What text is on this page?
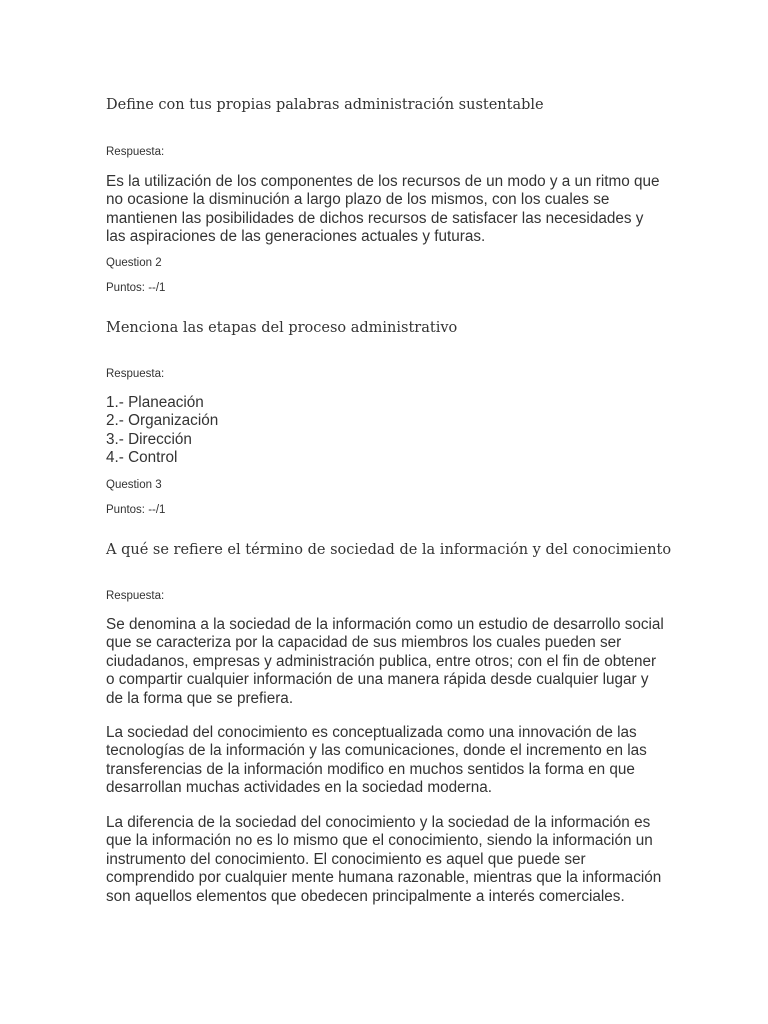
Define con tus propias palabras administración sustentable
Respuesta:
Es la utilización de los componentes de los recursos de un modo y a un ritmo que no ocasione la disminución a largo plazo de los mismos, con los cuales se mantienen las posibilidades de dichos recursos de satisfacer las necesidades y las aspiraciones de las generaciones actuales y futuras.
Question 2
Puntos: --/1
Menciona las etapas del proceso administrativo
Respuesta:
1.- Planeación
2.- Organización
3.- Dirección
4.- Control
Question 3
Puntos: --/1
A qué se refiere el término de sociedad de la información y del conocimiento
Respuesta:
Se denomina a la sociedad de la información como un estudio de desarrollo social que se caracteriza por la capacidad de sus miembros los cuales pueden ser ciudadanos, empresas y administración publica, entre otros; con el fin de obtener o compartir cualquier información de una manera rápida desde cualquier lugar y de la forma que se prefiera.
La sociedad del conocimiento es conceptualizada como una innovación de las tecnologías de la información y las comunicaciones, donde el incremento en las transferencias de la información modifico en muchos sentidos la forma en que desarrollan muchas actividades en la sociedad moderna.
La diferencia de la sociedad del conocimiento y la sociedad de la información es que la información no es lo mismo que el conocimiento, siendo la información un instrumento del conocimiento. El conocimiento es aquel que puede ser comprendido por cualquier mente humana razonable, mientras que la información son aquellos elementos que obedecen principalmente a interés comerciales.
